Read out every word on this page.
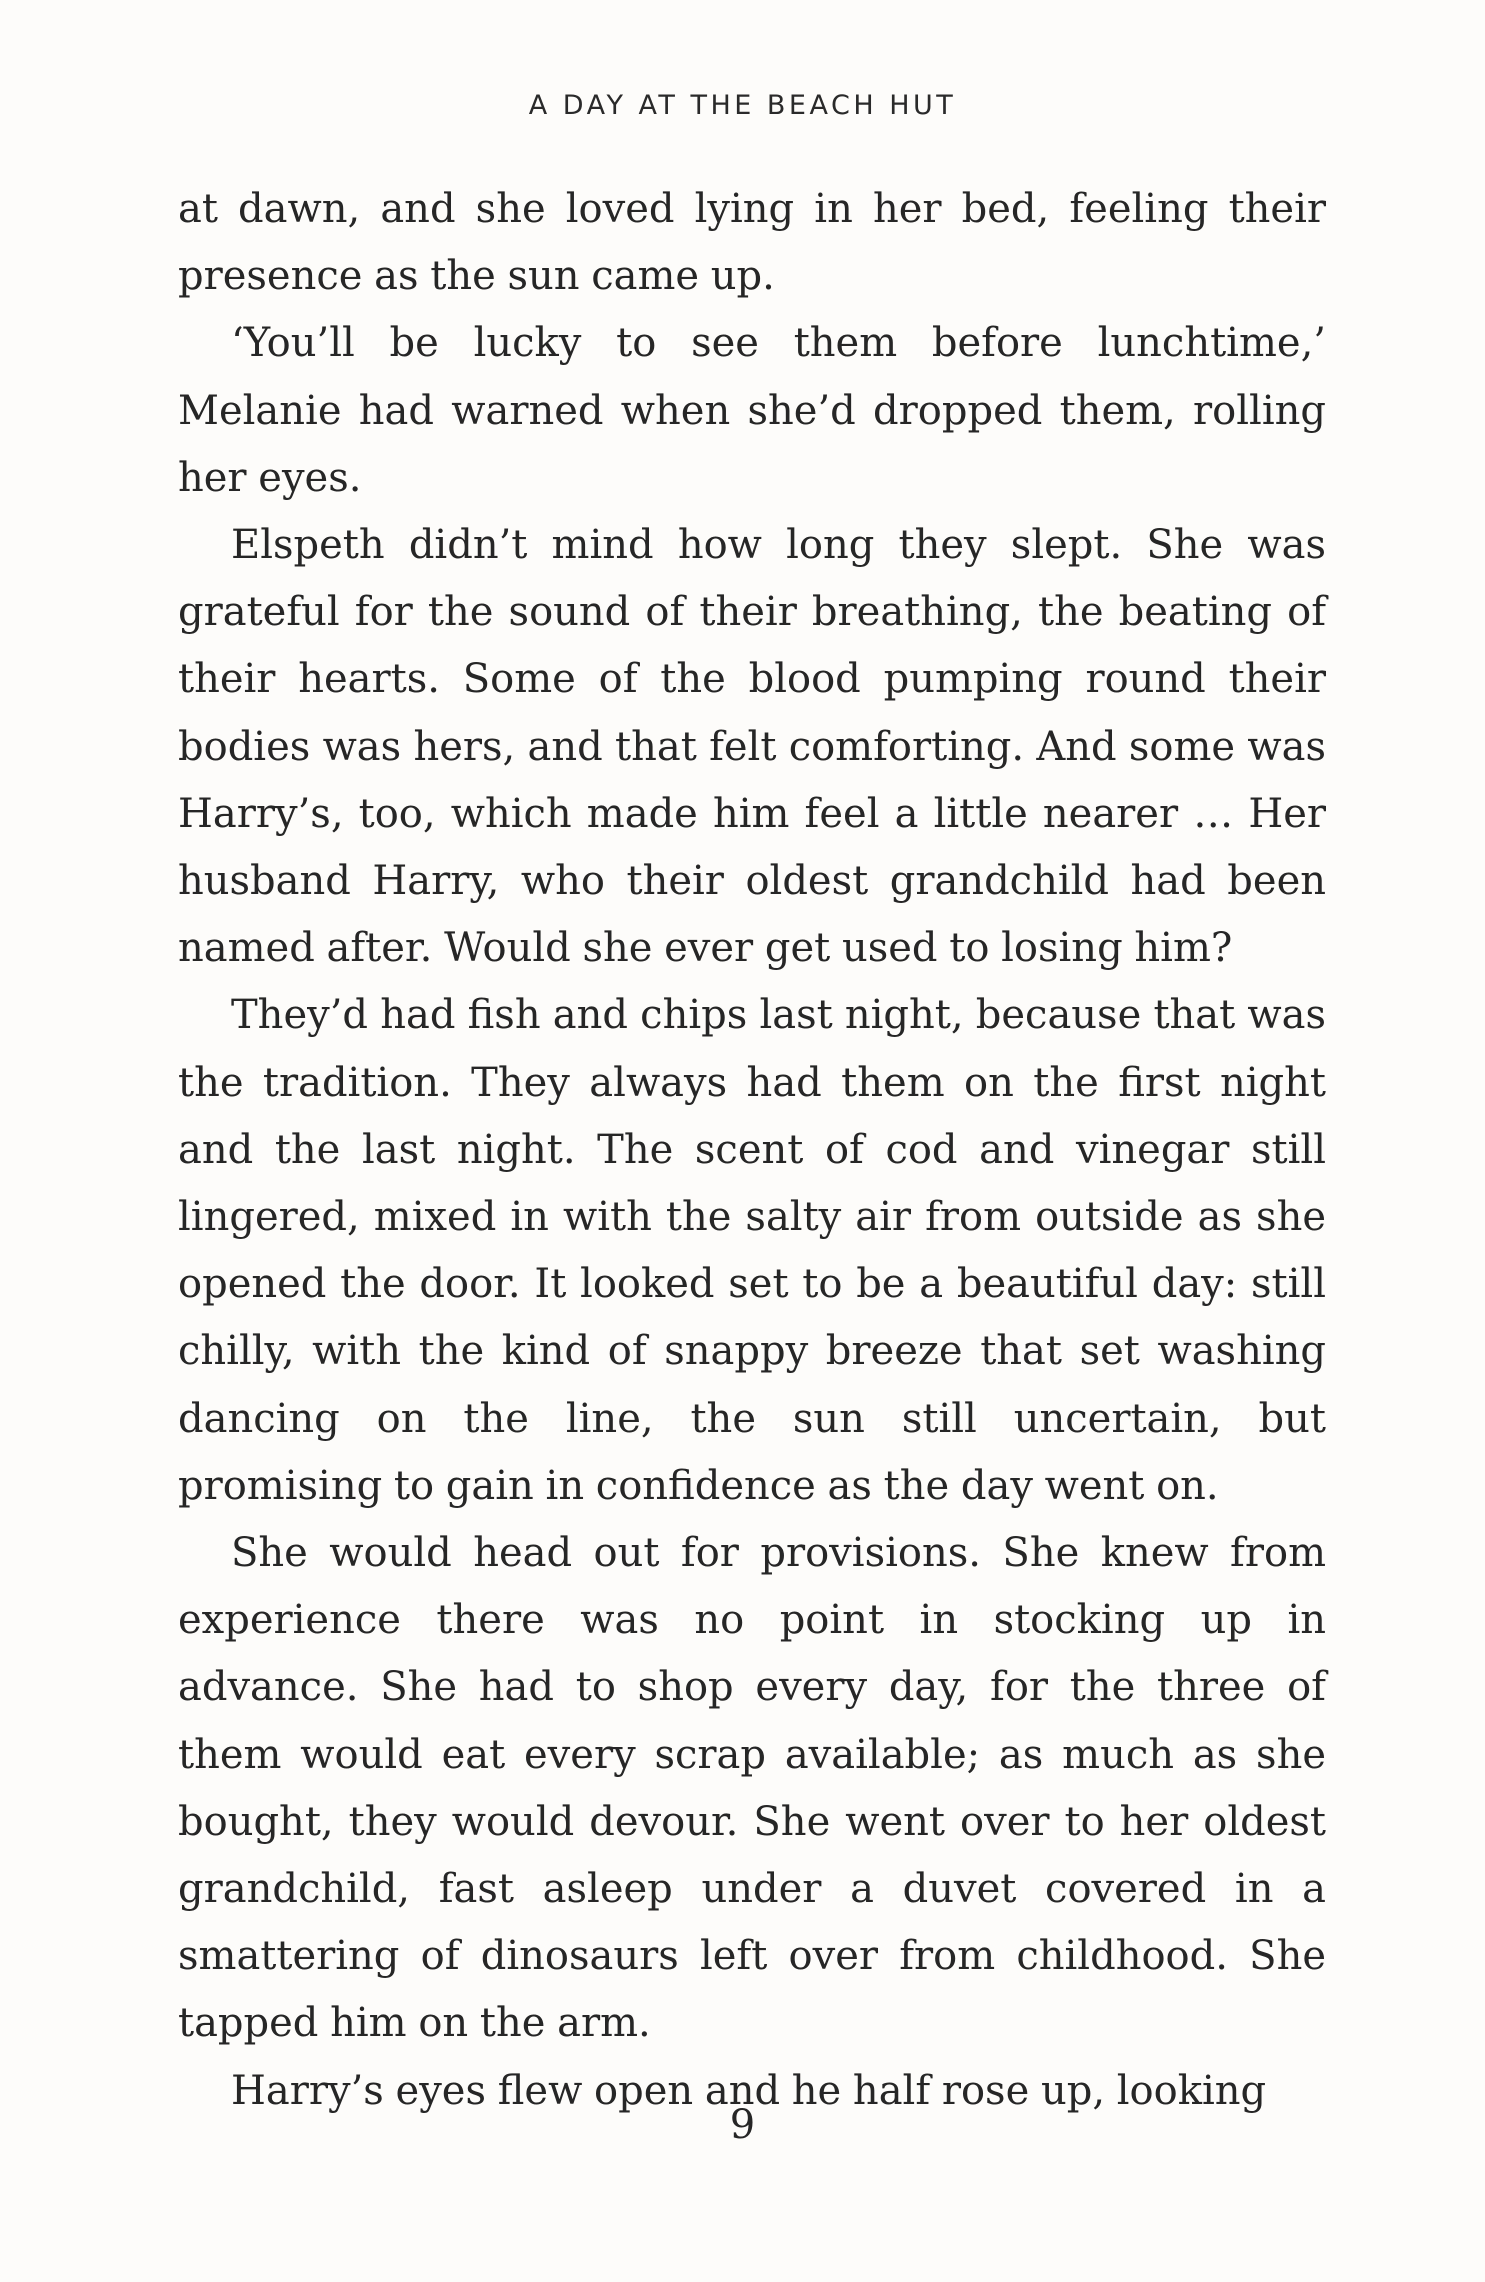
A DAY AT THE BEACH HUT

at dawn, and she loved lying in her bed, feeling their presence as the sun came up.

‘You’ll be lucky to see them before lunchtime,’ Melanie had warned when she’d dropped them, rolling her eyes.

Elspeth didn’t mind how long they slept. She was grateful for the sound of their breathing, the beating of their hearts. Some of the blood pumping round their bodies was hers, and that felt comforting. And some was Harry’s, too, which made him feel a little nearer … Her husband Harry, who their oldest grandchild had been named after. Would she ever get used to losing him?

They’d had fish and chips last night, because that was the tradition. They always had them on the first night and the last night. The scent of cod and vinegar still lingered, mixed in with the salty air from outside as she opened the door. It looked set to be a beautiful day: still chilly, with the kind of snappy breeze that set washing dancing on the line, the sun still uncertain, but promising to gain in confidence as the day went on.

She would head out for provisions. She knew from experience there was no point in stocking up in advance. She had to shop every day, for the three of them would eat every scrap available; as much as she bought, they would devour. She went over to her oldest grandchild, fast asleep under a duvet covered in a smattering of dinosaurs left over from childhood. She tapped him on the arm.

Harry’s eyes flew open and he half rose up, looking

9
